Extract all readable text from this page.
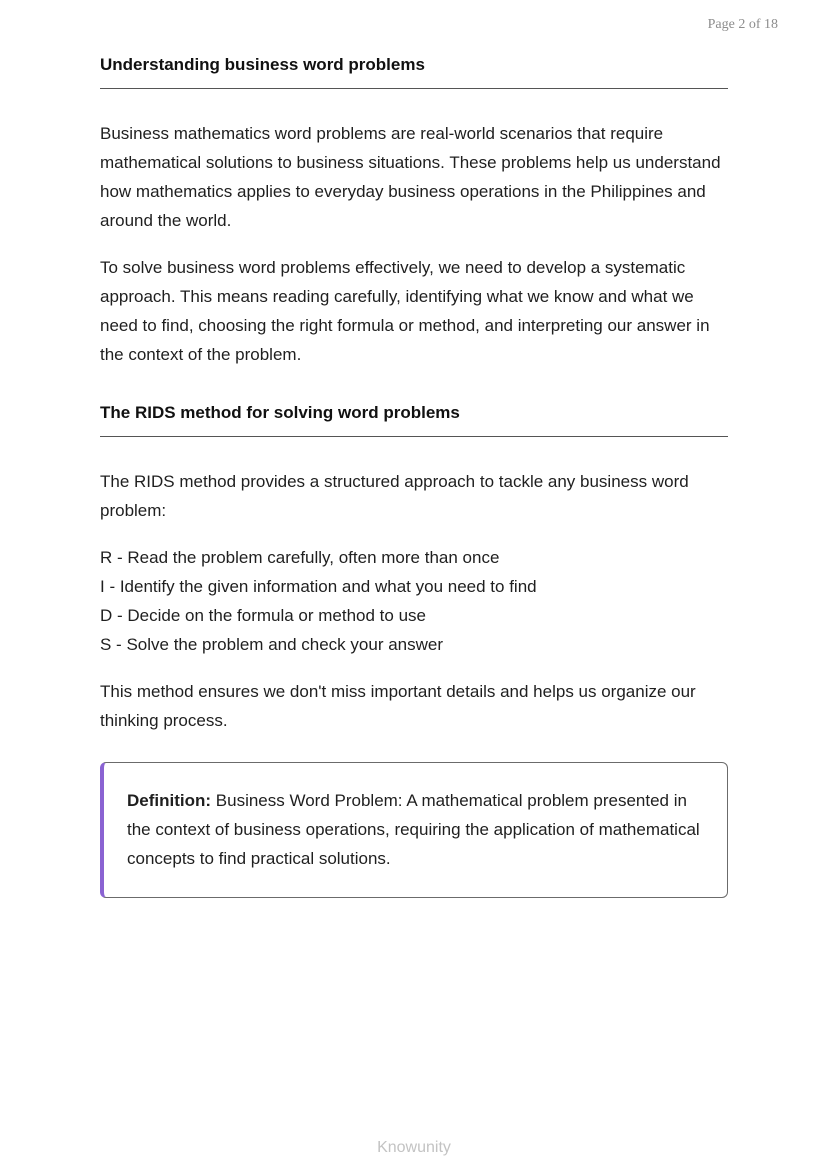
Page 2 of 18
Understanding business word problems

Business mathematics word problems are real-world scenarios that require mathematical solutions to business situations. These problems help us understand how mathematics applies to everyday business operations in the Philippines and around the world.

To solve business word problems effectively, we need to develop a systematic approach. This means reading carefully, identifying what we know and what we need to find, choosing the right formula or method, and interpreting our answer in the context of the problem.

The RIDS method for solving word problems

The RIDS method provides a structured approach to tackle any business word problem:

R - Read the problem carefully, often more than once

I - Identify the given information and what you need to find

D - Decide on the formula or method to use

S - Solve the problem and check your answer

This method ensures we don't miss important details and helps us organize our thinking process.

Definition: Business Word Problem: A mathematical problem presented in the context of business operations, requiring the application of mathematical concepts to find practical solutions.

Knowunity
